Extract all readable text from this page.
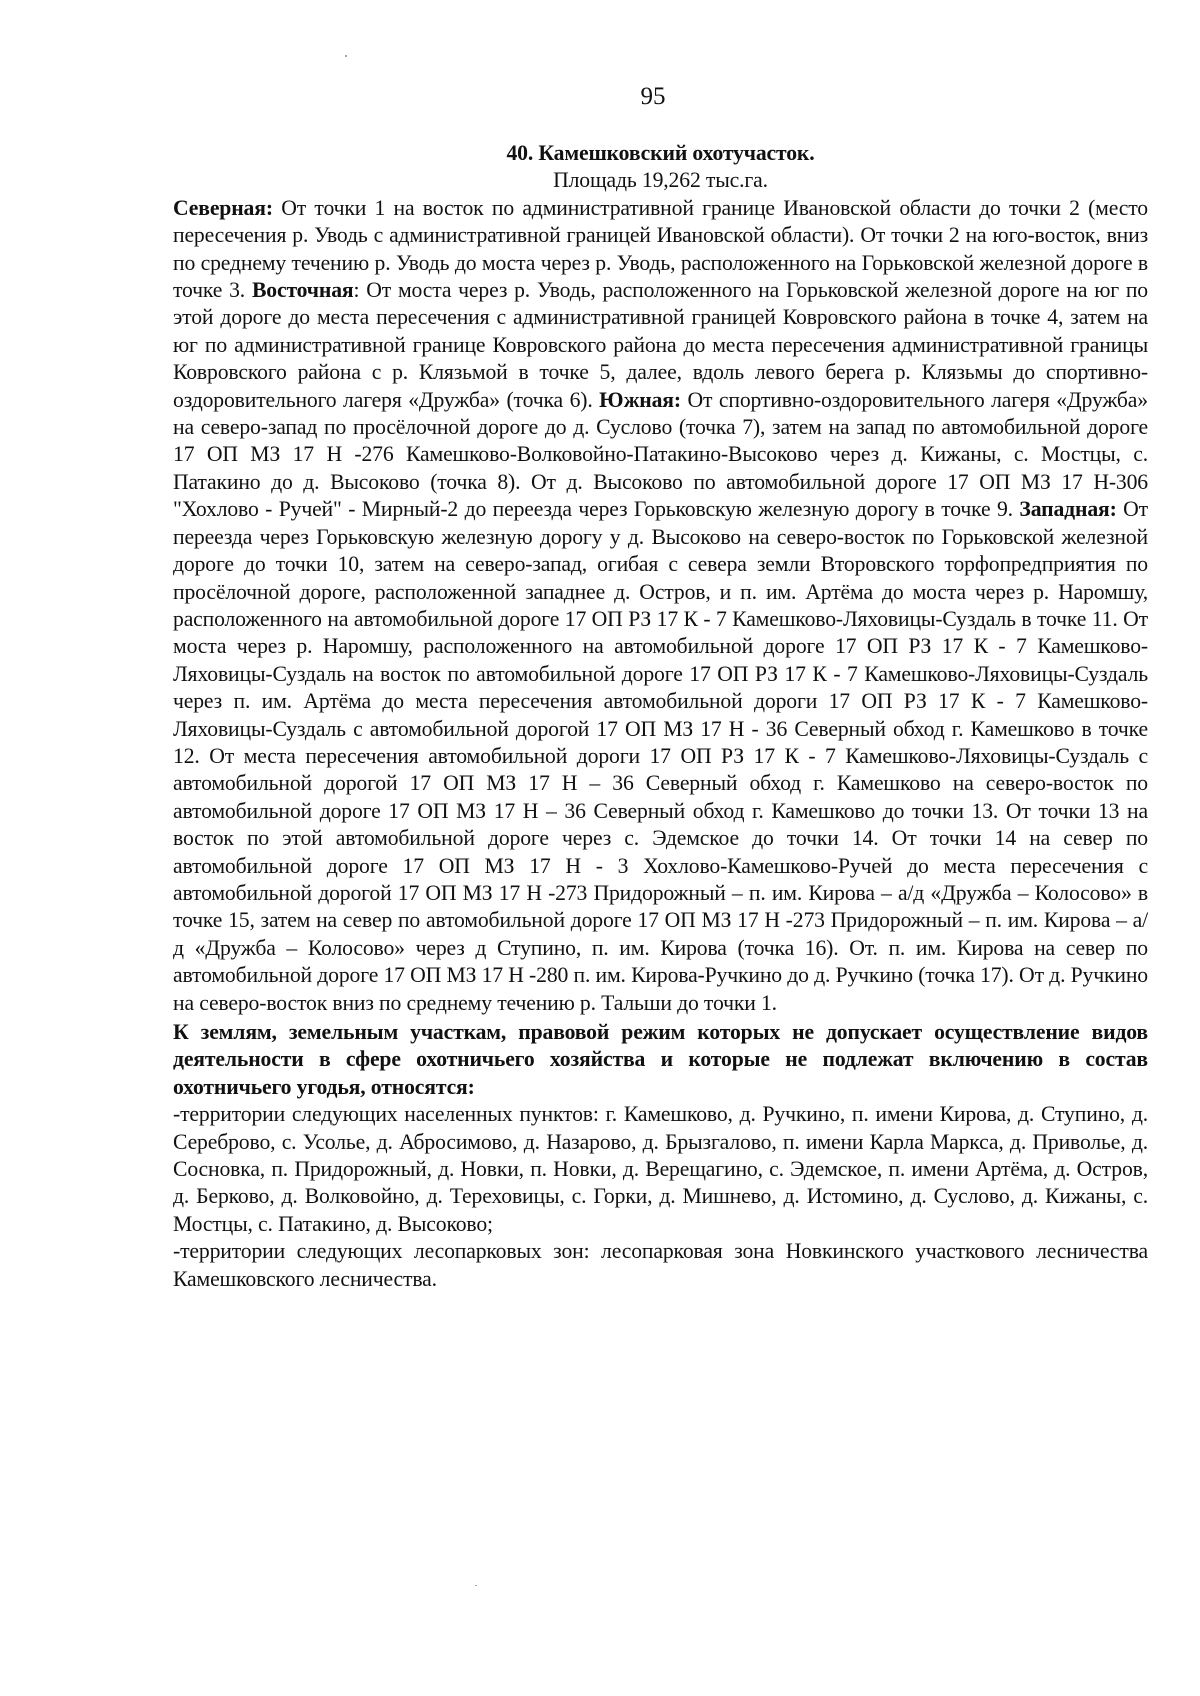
95

40. Камешковский охотучасток.

Площадь 19,262 тыс.га.

Северная: От точки 1 на восток по административной границе Ивановской области до точки 2 (место пересечения р. Уводь с административной границей Ивановской области). От точки 2 на юго-восток, вниз по среднему течению р. Уводь до моста через р. Уводь, расположенного на Горьковской железной дороге в точке 3. Восточная: От моста через р. Уводь, расположенного на Горьковской железной дороге на юг по этой дороге до места пересечения с административной границей Ковровского района в точке 4, затем на юг по административной границе Ковровского района до места пересечения административной границы Ковровского района с р. Клязьмой в точке 5, далее, вдоль левого берега р. Клязьмы до спортивно-оздоровительного лагеря «Дружба» (точка 6). Южная: От спортивно-оздоровительного лагеря «Дружба» на северо-запад по просёлочной дороге до д. Суслово (точка 7), затем на запад по автомобильной дороге 17 ОП МЗ 17 Н -276 Камешково-Волковойно-Патакино-Высоково через д. Кижаны, с. Мостцы, с. Патакино до д. Высоково (точка 8). От д. Высоково по автомобильной дороге 17 ОП МЗ 17 Н-306 "Хохлово - Ручей" - Мирный-2 до переезда через Горьковскую железную дорогу в точке 9. Западная: От переезда через Горьковскую железную дорогу у д. Высоково на северо-восток по Горьковской железной дороге до точки 10, затем на северо-запад, огибая с севера земли Второвского торфопредприятия по просёлочной дороге, расположенной западнее д. Остров, и п. им. Артёма до моста через р. Наромшу, расположенного на автомобильной дороге 17 ОП РЗ 17 К - 7 Камешково-Ляховицы-Суздаль в точке 11. От моста через р. Наромшу, расположенного на автомобильной дороге 17 ОП РЗ 17 К - 7 Камешково-Ляховицы-Суздаль на восток по автомобильной дороге 17 ОП РЗ 17 К - 7 Камешково-Ляховицы-Суздаль через п. им. Артёма до места пересечения автомобильной дороги 17 ОП РЗ 17 К - 7 Камешково-Ляховицы-Суздаль с автомобильной дорогой 17 ОП МЗ 17 Н - 36 Северный обход г. Камешково в точке 12. От места пересечения автомобильной дороги 17 ОП РЗ 17 К - 7 Камешково-Ляховицы-Суздаль с автомобильной дорогой 17 ОП МЗ 17 Н – 36 Северный обход г. Камешково на северо-восток по автомобильной дороге 17 ОП МЗ 17 Н – 36 Северный обход г. Камешково до точки 13. От точки 13 на восток по этой автомобильной дороге через с. Эдемское до точки 14. От точки 14 на север по автомобильной дороге 17 ОП МЗ 17 Н - 3 Хохлово-Камешково-Ручей до места пересечения с автомобильной дорогой 17 ОП МЗ 17 Н -273 Придорожный – п. им. Кирова – а/д «Дружба – Колосово» в точке 15, затем на север по автомобильной дороге 17 ОП МЗ 17 Н -273 Придорожный – п. им. Кирова – а/д «Дружба – Колосово» через д Ступино, п. им. Кирова (точка 16). От. п. им. Кирова на север по автомобильной дороге 17 ОП МЗ 17 Н -280 п. им. Кирова-Ручкино до д. Ручкино (точка 17). От д. Ручкино на северо-восток вниз по среднему течению р. Тальши до точки 1.

К землям, земельным участкам, правовой режим которых не допускает осуществление видов деятельности в сфере охотничьего хозяйства и которые не подлежат включению в состав охотничьего угодья, относятся:

-территории следующих населенных пунктов: г. Камешково, д. Ручкино, п. имени Кирова, д. Ступино, д. Сереброво, с. Усолье, д. Абросимово, д. Назарово, д. Брызгалово, п. имени Карла Маркса, д. Приволье, д. Сосновка, п. Придорожный, д. Новки, п. Новки, д. Верещагино, с. Эдемское, п. имени Артёма, д. Остров, д. Берково, д. Волковойно, д. Тереховицы, с. Горки, д. Мишнево, д. Истомино, д. Суслово, д. Кижаны, с. Мостцы, с. Патакино, д. Высоково;

-территории следующих лесопарковых зон: лесопарковая зона Новкинского участкового лесничества Камешковского лесничества.
